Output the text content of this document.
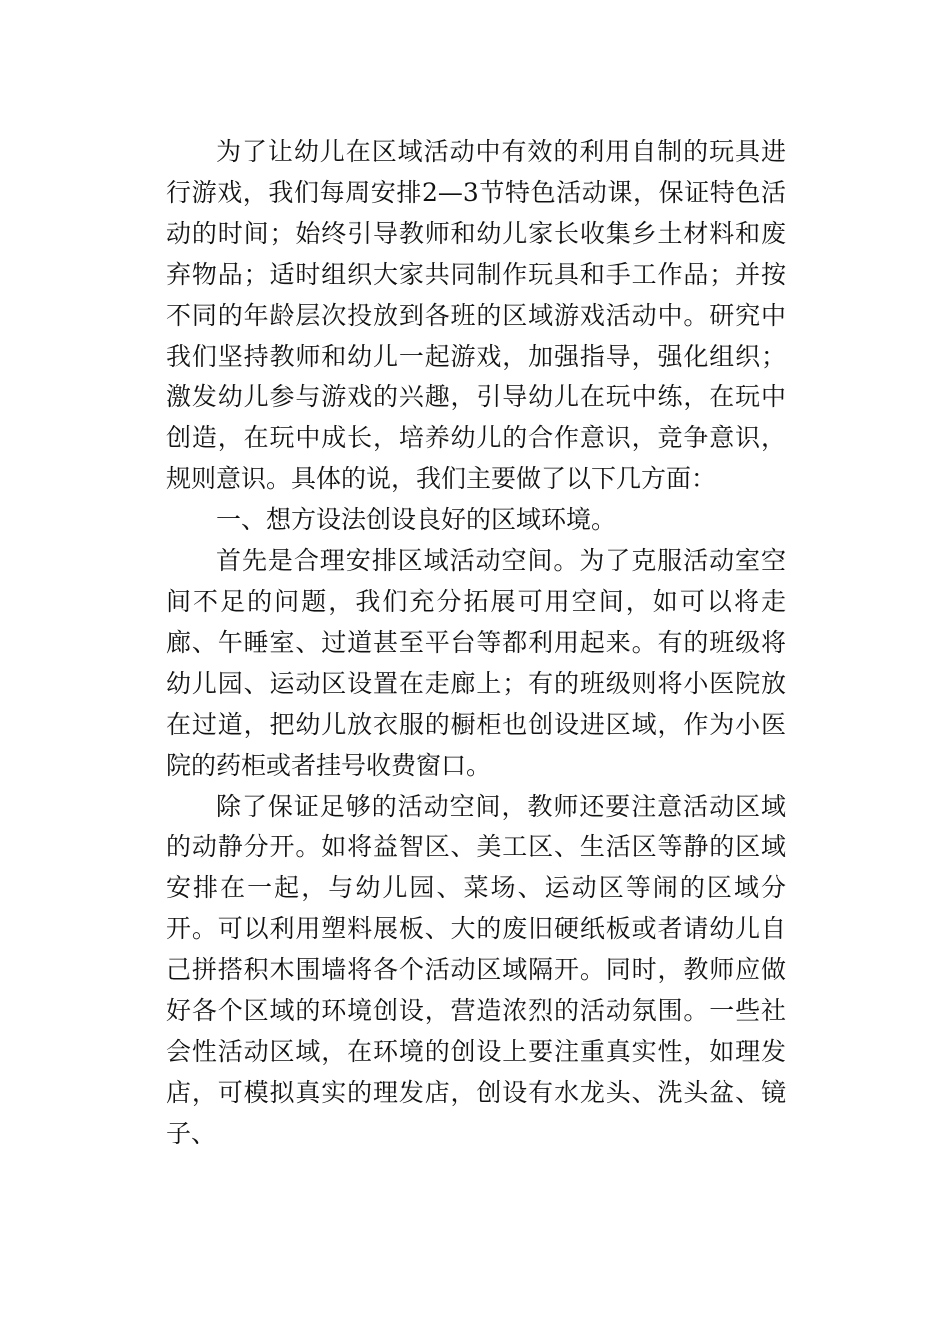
为了让幼儿在区域活动中有效的利用自制的玩具进行游戏，我们每周安排2—3节特色活动课，保证特色活动的时间；始终引导教师和幼儿家长收集乡土材料和废弃物品；适时组织大家共同制作玩具和手工作品；并按不同的年龄层次投放到各班的区域游戏活动中。研究中我们坚持教师和幼儿一起游戏，加强指导，强化组织；激发幼儿参与游戏的兴趣，引导幼儿在玩中练，在玩中创造，在玩中成长，培养幼儿的合作意识，竞争意识，规则意识。具体的说，我们主要做了以下几方面：

一、想方设法创设良好的区域环境。

首先是合理安排区域活动空间。为了克服活动室空间不足的问题，我们充分拓展可用空间，如可以将走廊、午睡室、过道甚至平台等都利用起来。有的班级将幼儿园、运动区设置在走廊上；有的班级则将小医院放在过道，把幼儿放衣服的橱柜也创设进区域，作为小医院的药柜或者挂号收费窗口。

除了保证足够的活动空间，教师还要注意活动区域的动静分开。如将益智区、美工区、生活区等静的区域安排在一起，与幼儿园、菜场、运动区等闹的区域分开。可以利用塑料展板、大的废旧硬纸板或者请幼儿自己拼搭积木围墙将各个活动区域隔开。同时，教师应做好各个区域的环境创设，营造浓烈的活动氛围。一些社会性活动区域，在环境的创设上要注重真实性，如理发店，可模拟真实的理发店，创设有水龙头、洗头盆、镜子、
